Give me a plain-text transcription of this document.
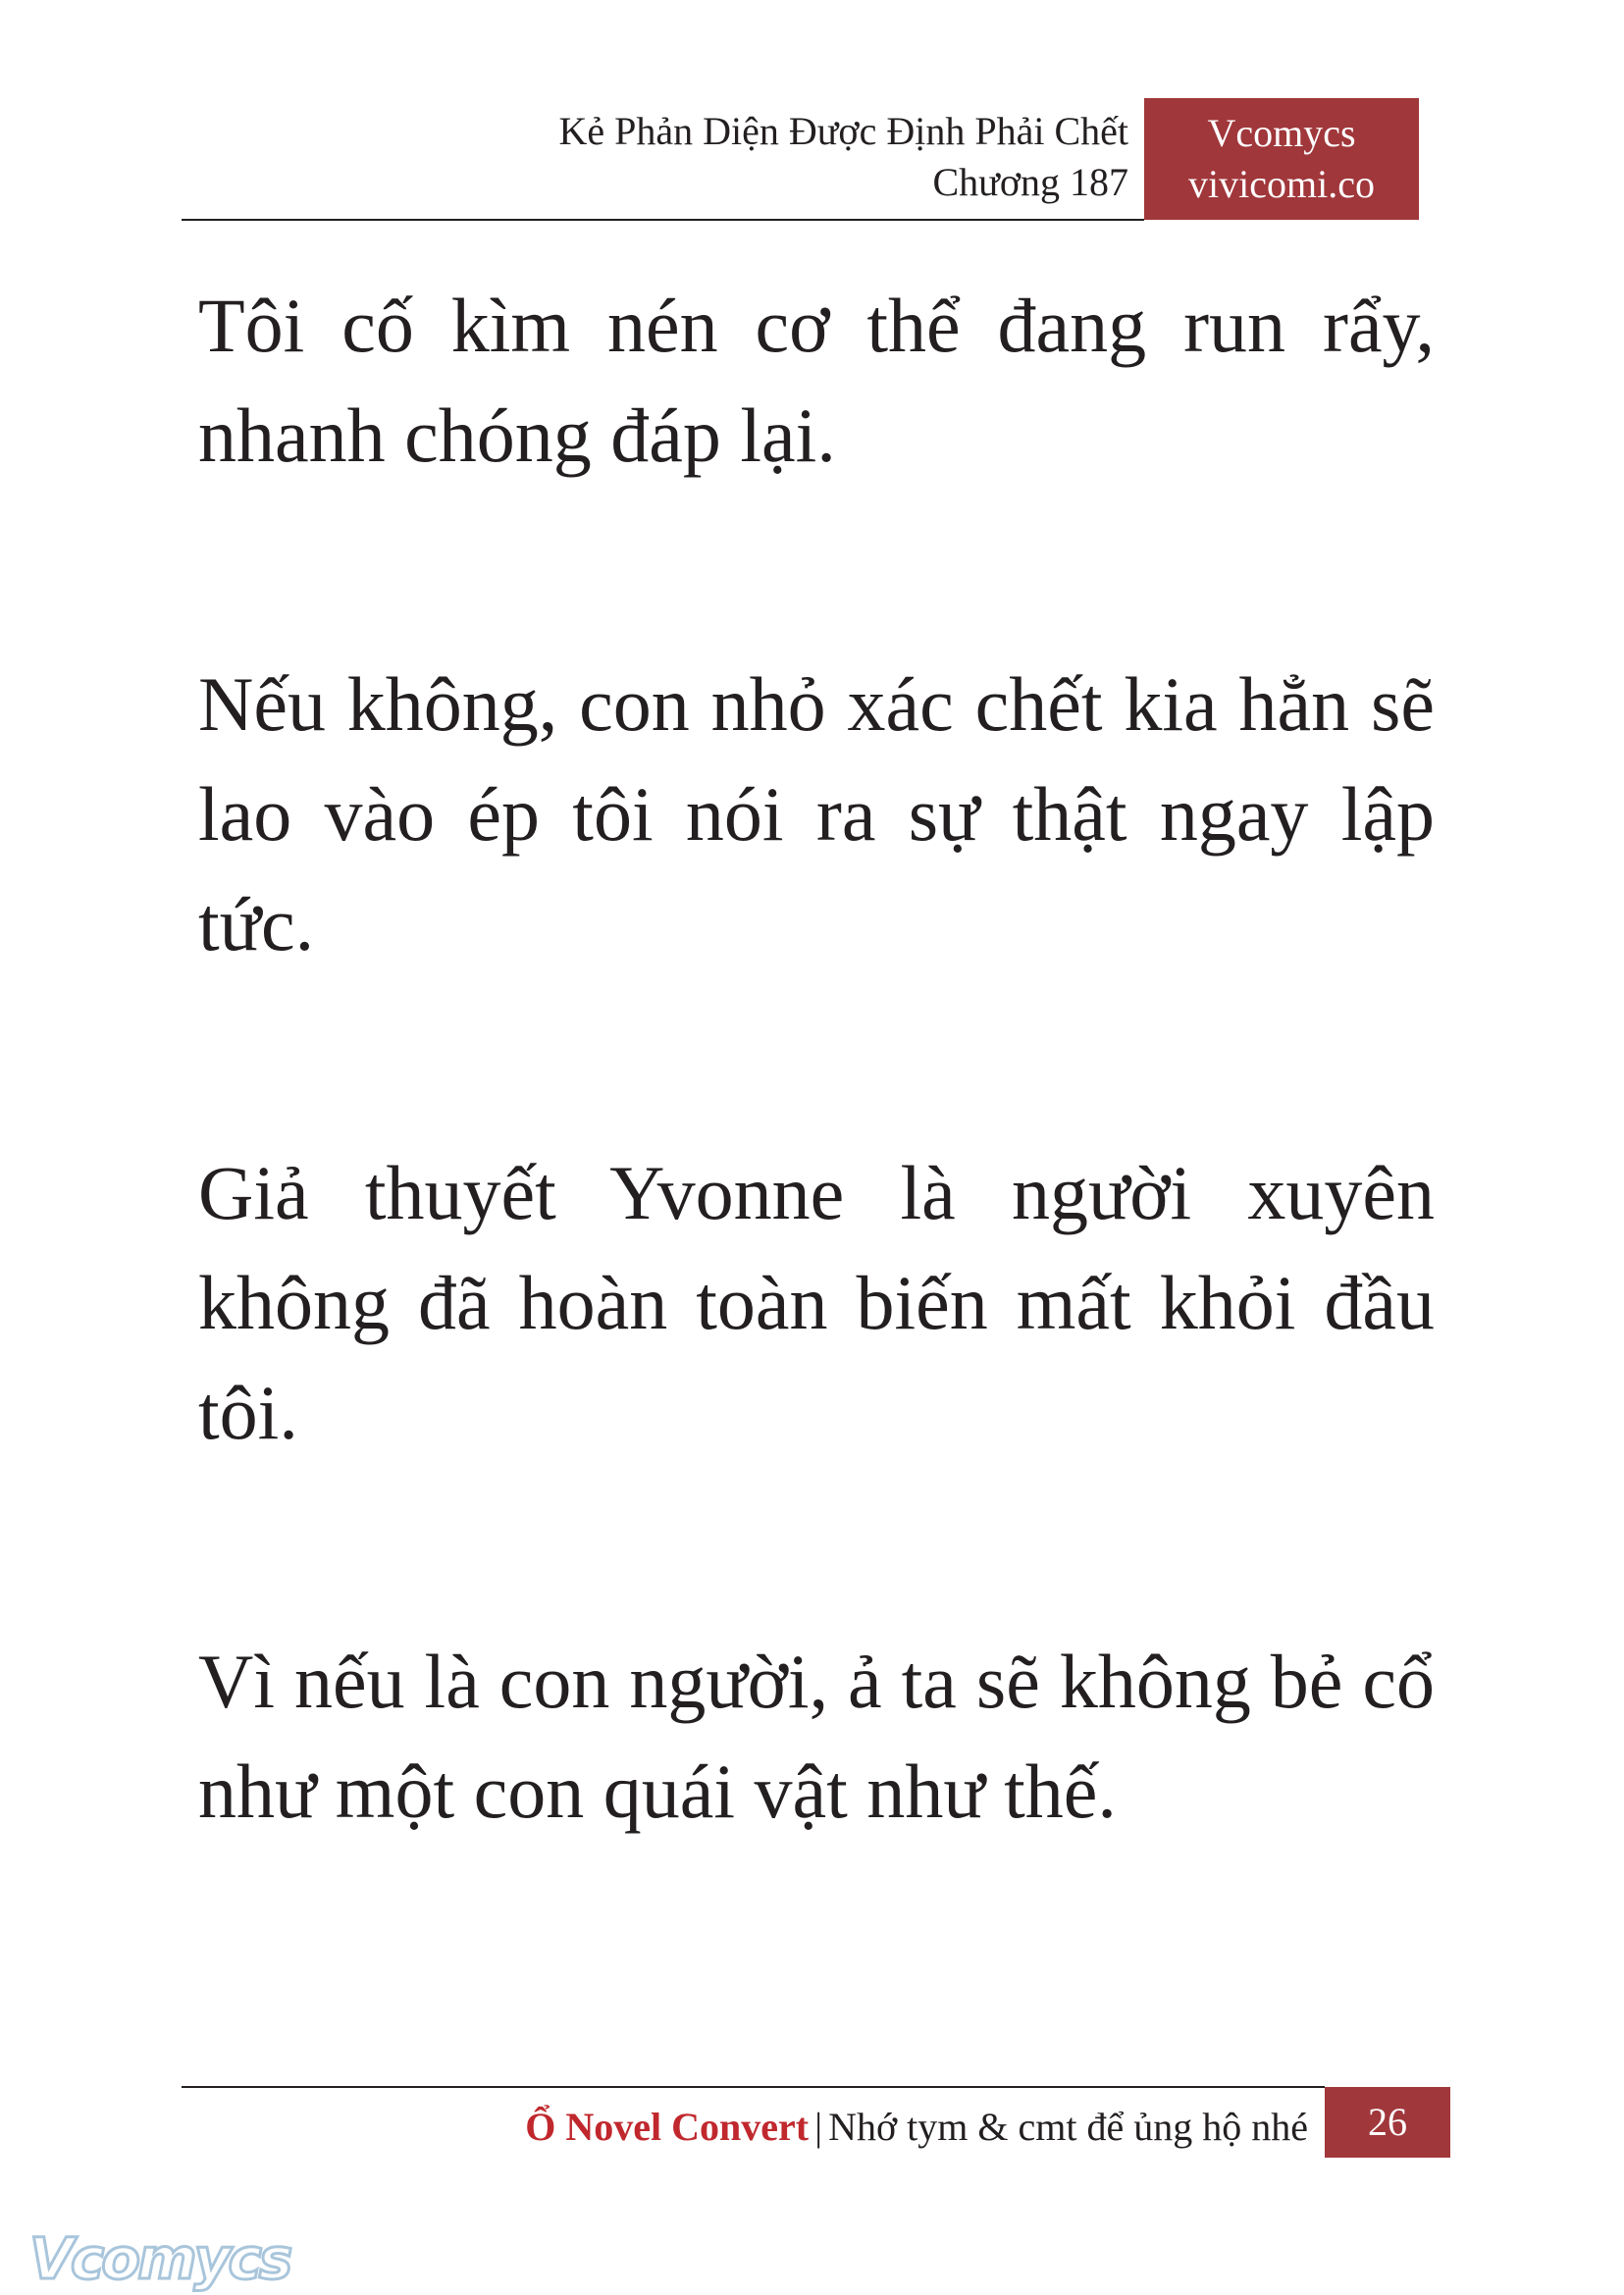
Kẻ Phản Diện Được Định Phải Chết
Chương 187
Vcomycs
vivicomi.co

Tôi cố kìm nén cơ thể đang run rẩy, nhanh chóng đáp lại.

Nếu không, con nhỏ xác chết kia hẳn sẽ lao vào ép tôi nói ra sự thật ngay lập tức.

Giả thuyết Yvonne là người xuyên không đã hoàn toàn biến mất khỏi đầu tôi.

Vì nếu là con người, ả ta sẽ không bẻ cổ như một con quái vật như thế.

Ổ Novel Convert | Nhớ tym & cmt để ủng hộ nhé	26
Vcomycs
